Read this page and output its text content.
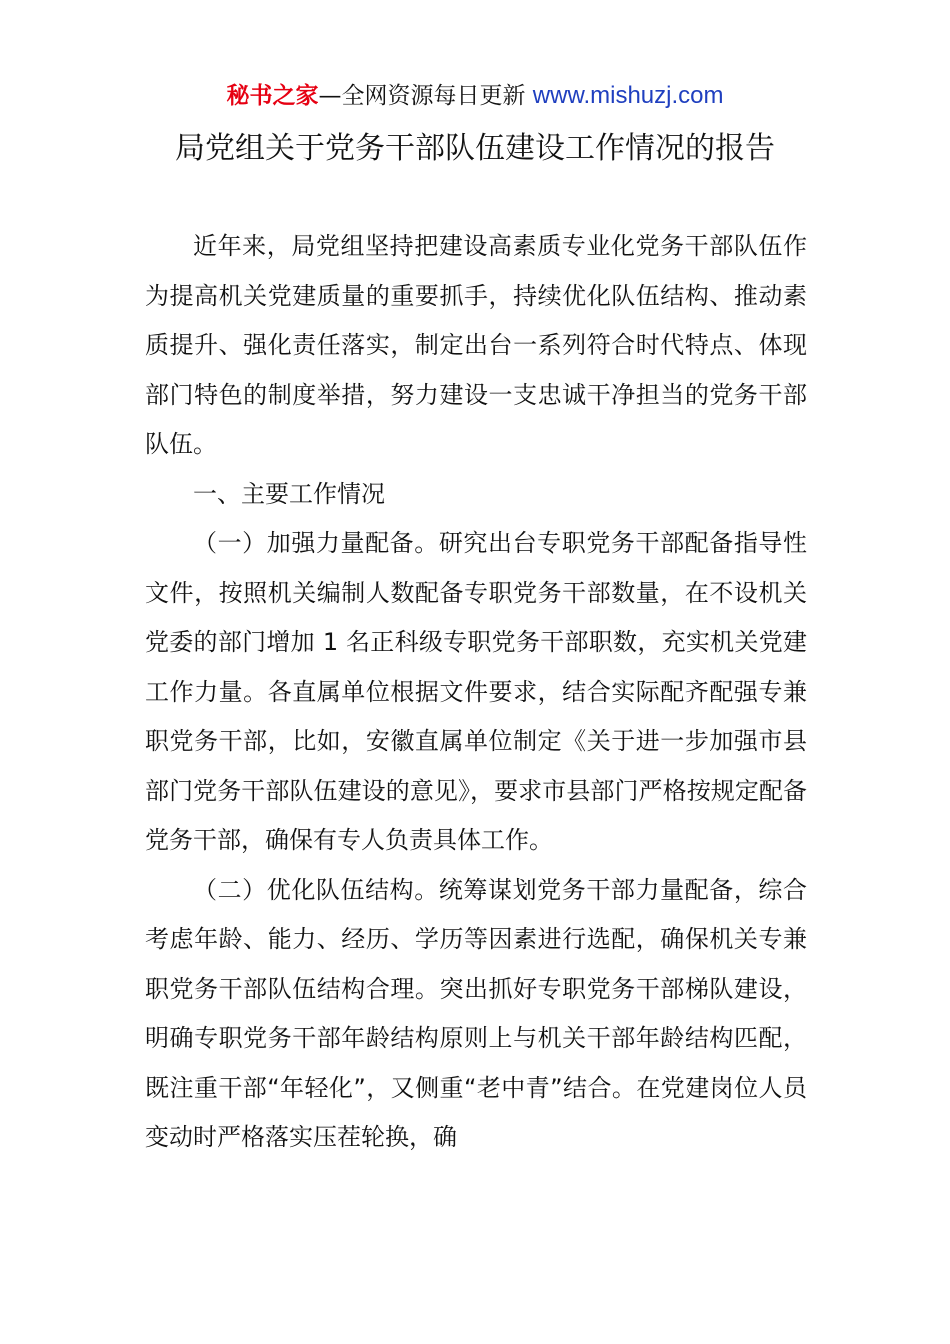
秘书之家—全网资源每日更新 www.mishuzj.com
局党组关于党务干部队伍建设工作情况的报告

近年来，局党组坚持把建设高素质专业化党务干部队伍作为提高机关党建质量的重要抓手，持续优化队伍结构、推动素质提升、强化责任落实，制定出台一系列符合时代特点、体现部门特色的制度举措，努力建设一支忠诚干净担当的党务干部队伍。

一、主要工作情况

（一）加强力量配备。研究出台专职党务干部配备指导性文件，按照机关编制人数配备专职党务干部数量，在不设机关党委的部门增加 1 名正科级专职党务干部职数，充实机关党建工作力量。各直属单位根据文件要求，结合实际配齐配强专兼职党务干部，比如，安徽直属单位制定《关于进一步加强市县部门党务干部队伍建设的意见》，要求市县部门严格按规定配备党务干部，确保有专人负责具体工作。

（二）优化队伍结构。统筹谋划党务干部力量配备，综合考虑年龄、能力、经历、学历等因素进行选配，确保机关专兼职党务干部队伍结构合理。突出抓好专职党务干部梯队建设，明确专职党务干部年龄结构原则上与机关干部年龄结构匹配，既注重干部“年轻化”，又侧重“老中青”结合。在党建岗位人员变动时严格落实压茬轮换，确
